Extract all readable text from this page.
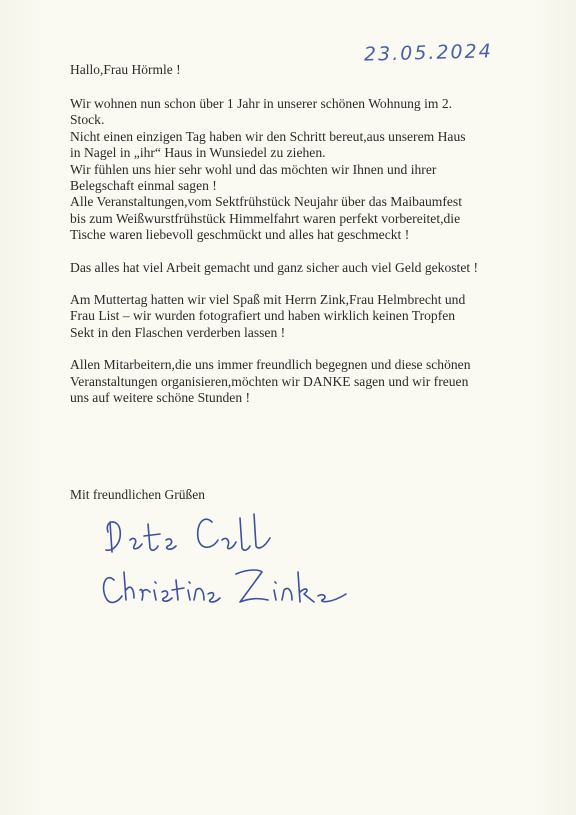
23.05.2024
Hallo,Frau Hörmle !
Wir wohnen nun schon über 1 Jahr in unserer schönen Wohnung im 2.
Stock.
Nicht einen einzigen Tag haben wir den Schritt bereut,aus unserem Haus
in Nagel in „ihr“ Haus in Wunsiedel zu ziehen.
Wir fühlen uns hier sehr wohl und das möchten wir Ihnen und ihrer
Belegschaft einmal sagen !
Alle Veranstaltungen,vom Sektfrühstück Neujahr über das Maibaumfest
bis zum Weißwurstfrühstück Himmelfahrt waren perfekt vorbereitet,die
Tische waren liebevoll geschmückt und alles hat geschmeckt !
Das alles hat viel Arbeit gemacht und ganz sicher auch viel Geld gekostet !
Am Muttertag hatten wir viel Spaß mit Herrn Zink,Frau Helmbrecht und
Frau List – wir wurden fotografiert und haben wirklich keinen Tropfen
Sekt in den Flaschen verderben lassen !
Allen Mitarbeitern,die uns immer freundlich begegnen und diese schönen
Veranstaltungen organisieren,möchten wir DANKE sagen und wir freuen
uns auf weitere schöne Stunden !
Mit freundlichen Grüßen
